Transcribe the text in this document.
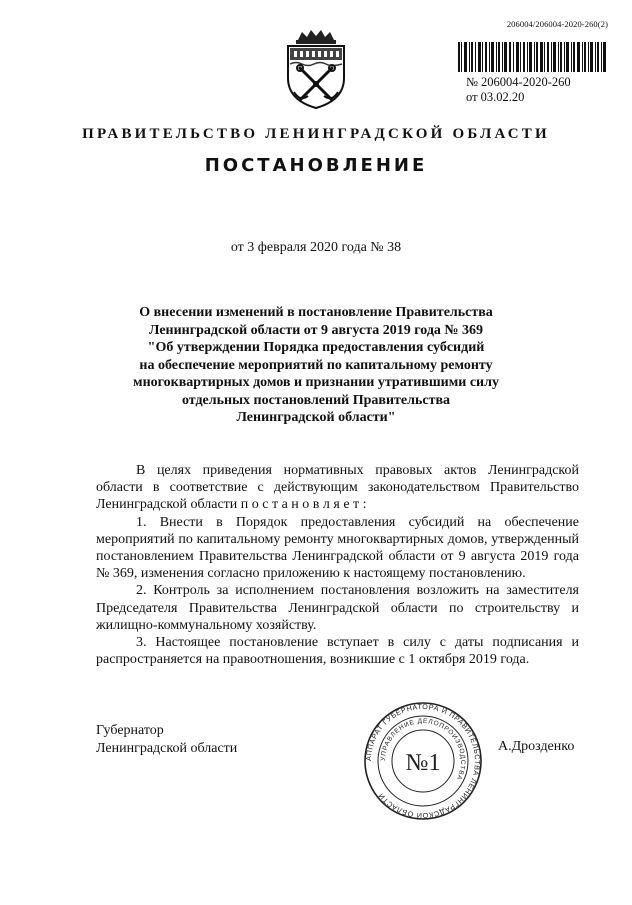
206004/206004-2020-260(2)
№ 206004-2020-260
от 03.02.20
ПРАВИТЕЛЬСТВО ЛЕНИНГРАДСКОЙ ОБЛАСТИ
ПОСТАНОВЛЕНИЕ
от 3 февраля 2020 года № 38
О внесении изменений в постановление Правительства
Ленинградской области от 9 августа 2019 года № 369
"Об утверждении Порядка предоставления субсидий
на обеспечение мероприятий по капитальному ремонту
многоквартирных домов и признании утратившими силу
отдельных постановлений Правительства
Ленинградской области"

В целях приведения нормативных правовых актов Ленинградской области в соответствие с действующим законодательством Правительство Ленинградской области п о с т а н о в л я е т :

1. Внести в Порядок предоставления субсидий на обеспечение мероприятий по капитальному ремонту многоквартирных домов, утвержденный постановлением Правительства Ленинградской области от 9 августа 2019 года № 369, изменения согласно приложению к настоящему постановлению.

2. Контроль за исполнением постановления возложить на заместителя Председателя Правительства Ленинградской области по строительству и жилищно-коммунальному хозяйству.

3. Настоящее постановление вступает в силу с даты подписания и распространяется на правоотношения, возникшие с 1 октября 2019 года.

Губернатор
Ленинградской области	А.Дрозденко
АППАРАТ ГУБЕРНАТОРА И ПРАВИТЕЛЬСТВА ЛЕНИНГРАДСКОЙ ОБЛАСТИ
УПРАВЛЕНИЕ ДЕЛОПРОИЗВОДСТВА
№1
